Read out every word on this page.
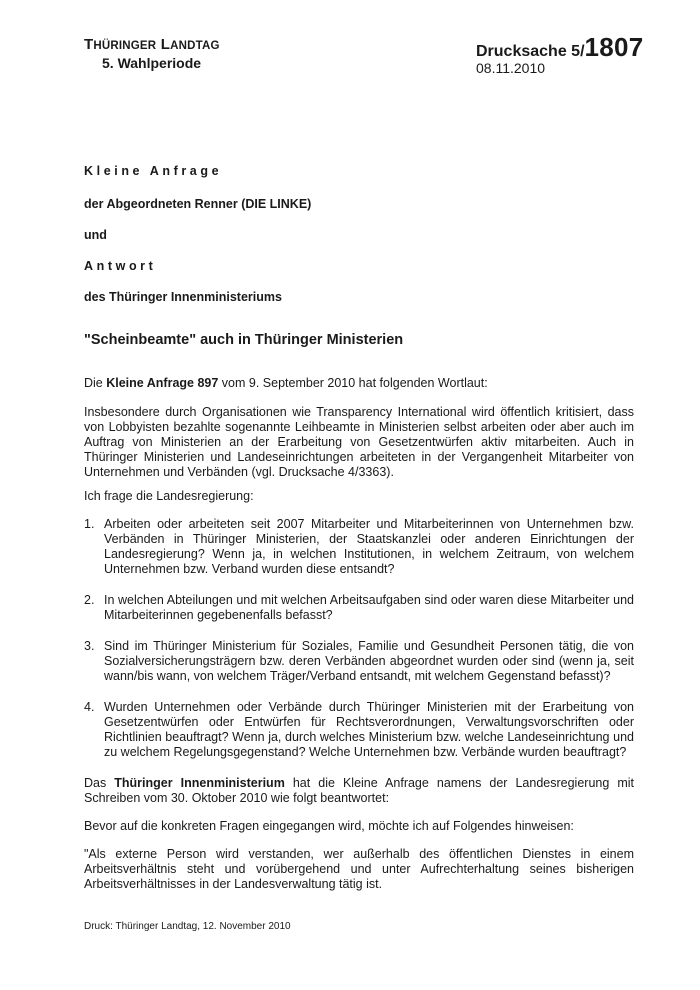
THÜRINGER LANDTAG
5. Wahlperiode
Drucksache 5/1807
08.11.2010
Kleine Anfrage
der Abgeordneten Renner (DIE LINKE)
und
Antwort
des Thüringer Innenministeriums
"Scheinbeamte" auch in Thüringer Ministerien
Die Kleine Anfrage 897 vom 9. September 2010 hat folgenden Wortlaut:
Insbesondere durch Organisationen wie Transparency International wird öffentlich kritisiert, dass von Lobbyisten bezahlte sogenannte Leihbeamte in Ministerien selbst arbeiten oder aber auch im Auftrag von Ministerien an der Erarbeitung von Gesetzentwürfen aktiv mitarbeiten. Auch in Thüringer Ministerien und Landeseinrichtungen arbeiteten in der Vergangenheit Mitarbeiter von Unternehmen und Verbänden (vgl. Drucksache 4/3363).
Ich frage die Landesregierung:
1. Arbeiten oder arbeiteten seit 2007 Mitarbeiter und Mitarbeiterinnen von Unternehmen bzw. Verbänden in Thüringer Ministerien, der Staatskanzlei oder anderen Einrichtungen der Landesregierung? Wenn ja, in welchen Institutionen, in welchem Zeitraum, von welchem Unternehmen bzw. Verband wurden diese entsandt?
2. In welchen Abteilungen und mit welchen Arbeitsaufgaben sind oder waren diese Mitarbeiter und Mitarbeiterinnen gegebenenfalls befasst?
3. Sind im Thüringer Ministerium für Soziales, Familie und Gesundheit Personen tätig, die von Sozialversicherungsträgern bzw. deren Verbänden abgeordnet wurden oder sind (wenn ja, seit wann/bis wann, von welchem Träger/Verband entsandt, mit welchem Gegenstand befasst)?
4. Wurden Unternehmen oder Verbände durch Thüringer Ministerien mit der Erarbeitung von Gesetzentwürfen oder Entwürfen für Rechtsverordnungen, Verwaltungsvorschriften oder Richtlinien beauftragt? Wenn ja, durch welches Ministerium bzw. welche Landeseinrichtung und zu welchem Regelungsgegenstand? Welche Unternehmen bzw. Verbände wurden beauftragt?
Das Thüringer Innenministerium hat die Kleine Anfrage namens der Landesregierung mit Schreiben vom 30. Oktober 2010 wie folgt beantwortet:
Bevor auf die konkreten Fragen eingegangen wird, möchte ich auf Folgendes hinweisen:
"Als externe Person wird verstanden, wer außerhalb des öffentlichen Dienstes in einem Arbeitsverhältnis steht und vorübergehend und unter Aufrechterhaltung seines bisherigen Arbeitsverhältnisses in der Landesverwaltung tätig ist.
Druck: Thüringer Landtag, 12. November 2010
